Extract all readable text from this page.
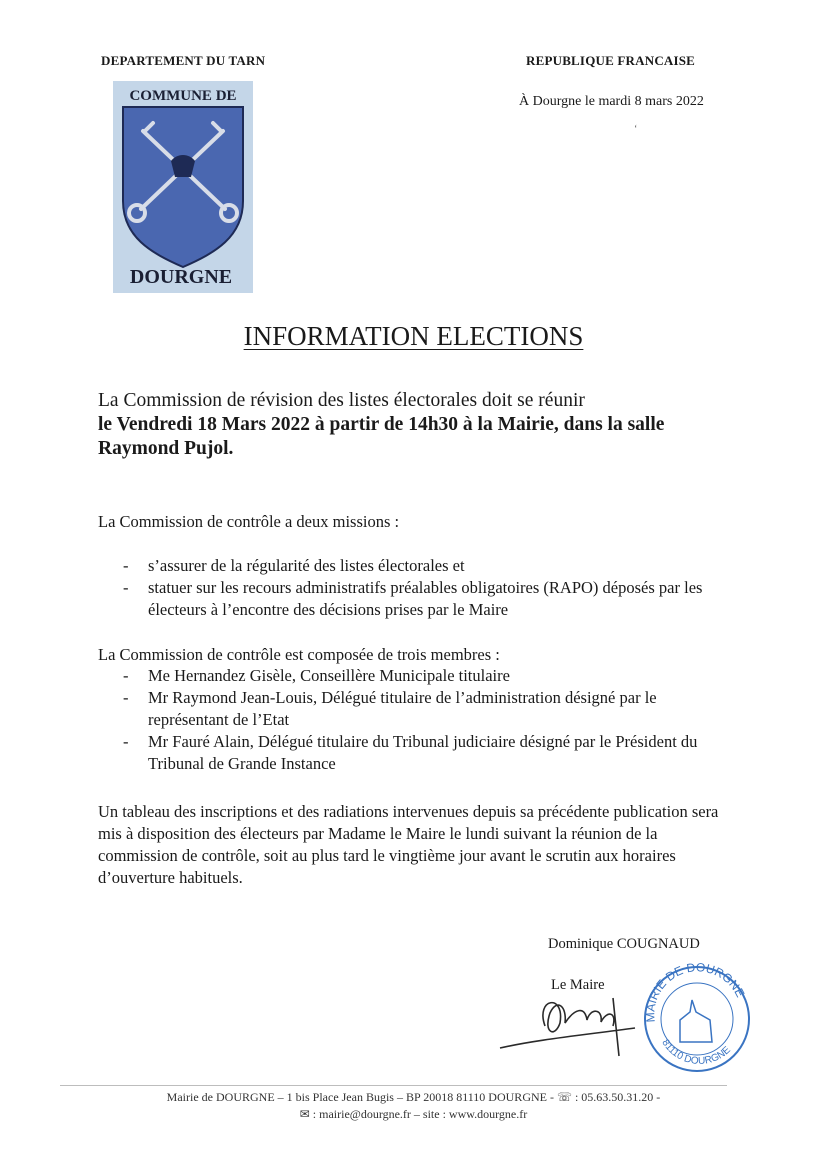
DEPARTEMENT DU TARN	REPUBLIQUE FRANCAISE
À Dourgne le mardi 8 mars 2022
ʻ
COMMUNE DE
DOURGNE
INFORMATION ELECTIONS
La Commission de révision des listes électorales doit se réunir
le Vendredi 18 Mars 2022 à partir de 14h30 à la Mairie, dans la salle Raymond Pujol.
La Commission de contrôle a deux missions :
- s’assurer de la régularité des listes électorales et
- statuer sur les recours administratifs préalables obligatoires (RAPO) déposés par les électeurs à l’encontre des décisions prises par le Maire
La Commission de contrôle est composée de trois membres :
- Me Hernandez Gisèle, Conseillère Municipale titulaire
- Mr Raymond Jean-Louis, Délégué titulaire de l’administration désigné par le représentant de l’Etat
- Mr Fauré Alain, Délégué titulaire du Tribunal judiciaire désigné par le Président du Tribunal de Grande Instance
Un tableau des inscriptions et des radiations intervenues depuis sa précédente publication sera mis à disposition des électeurs par Madame le Maire le lundi suivant la réunion de la commission de contrôle, soit au plus tard le vingtième jour avant le scrutin aux horaires d’ouverture habituels.
Dominique COUGNAUD
Le Maire
MAIRIE DE DOURGNE
81110 DOURGNE
Mairie de DOURGNE – 1 bis Place Jean Bugis – BP 20018 81110 DOURGNE - ☏ : 05.63.50.31.20 -
✉ : mairie@dourgne.fr – site : www.dourgne.fr
